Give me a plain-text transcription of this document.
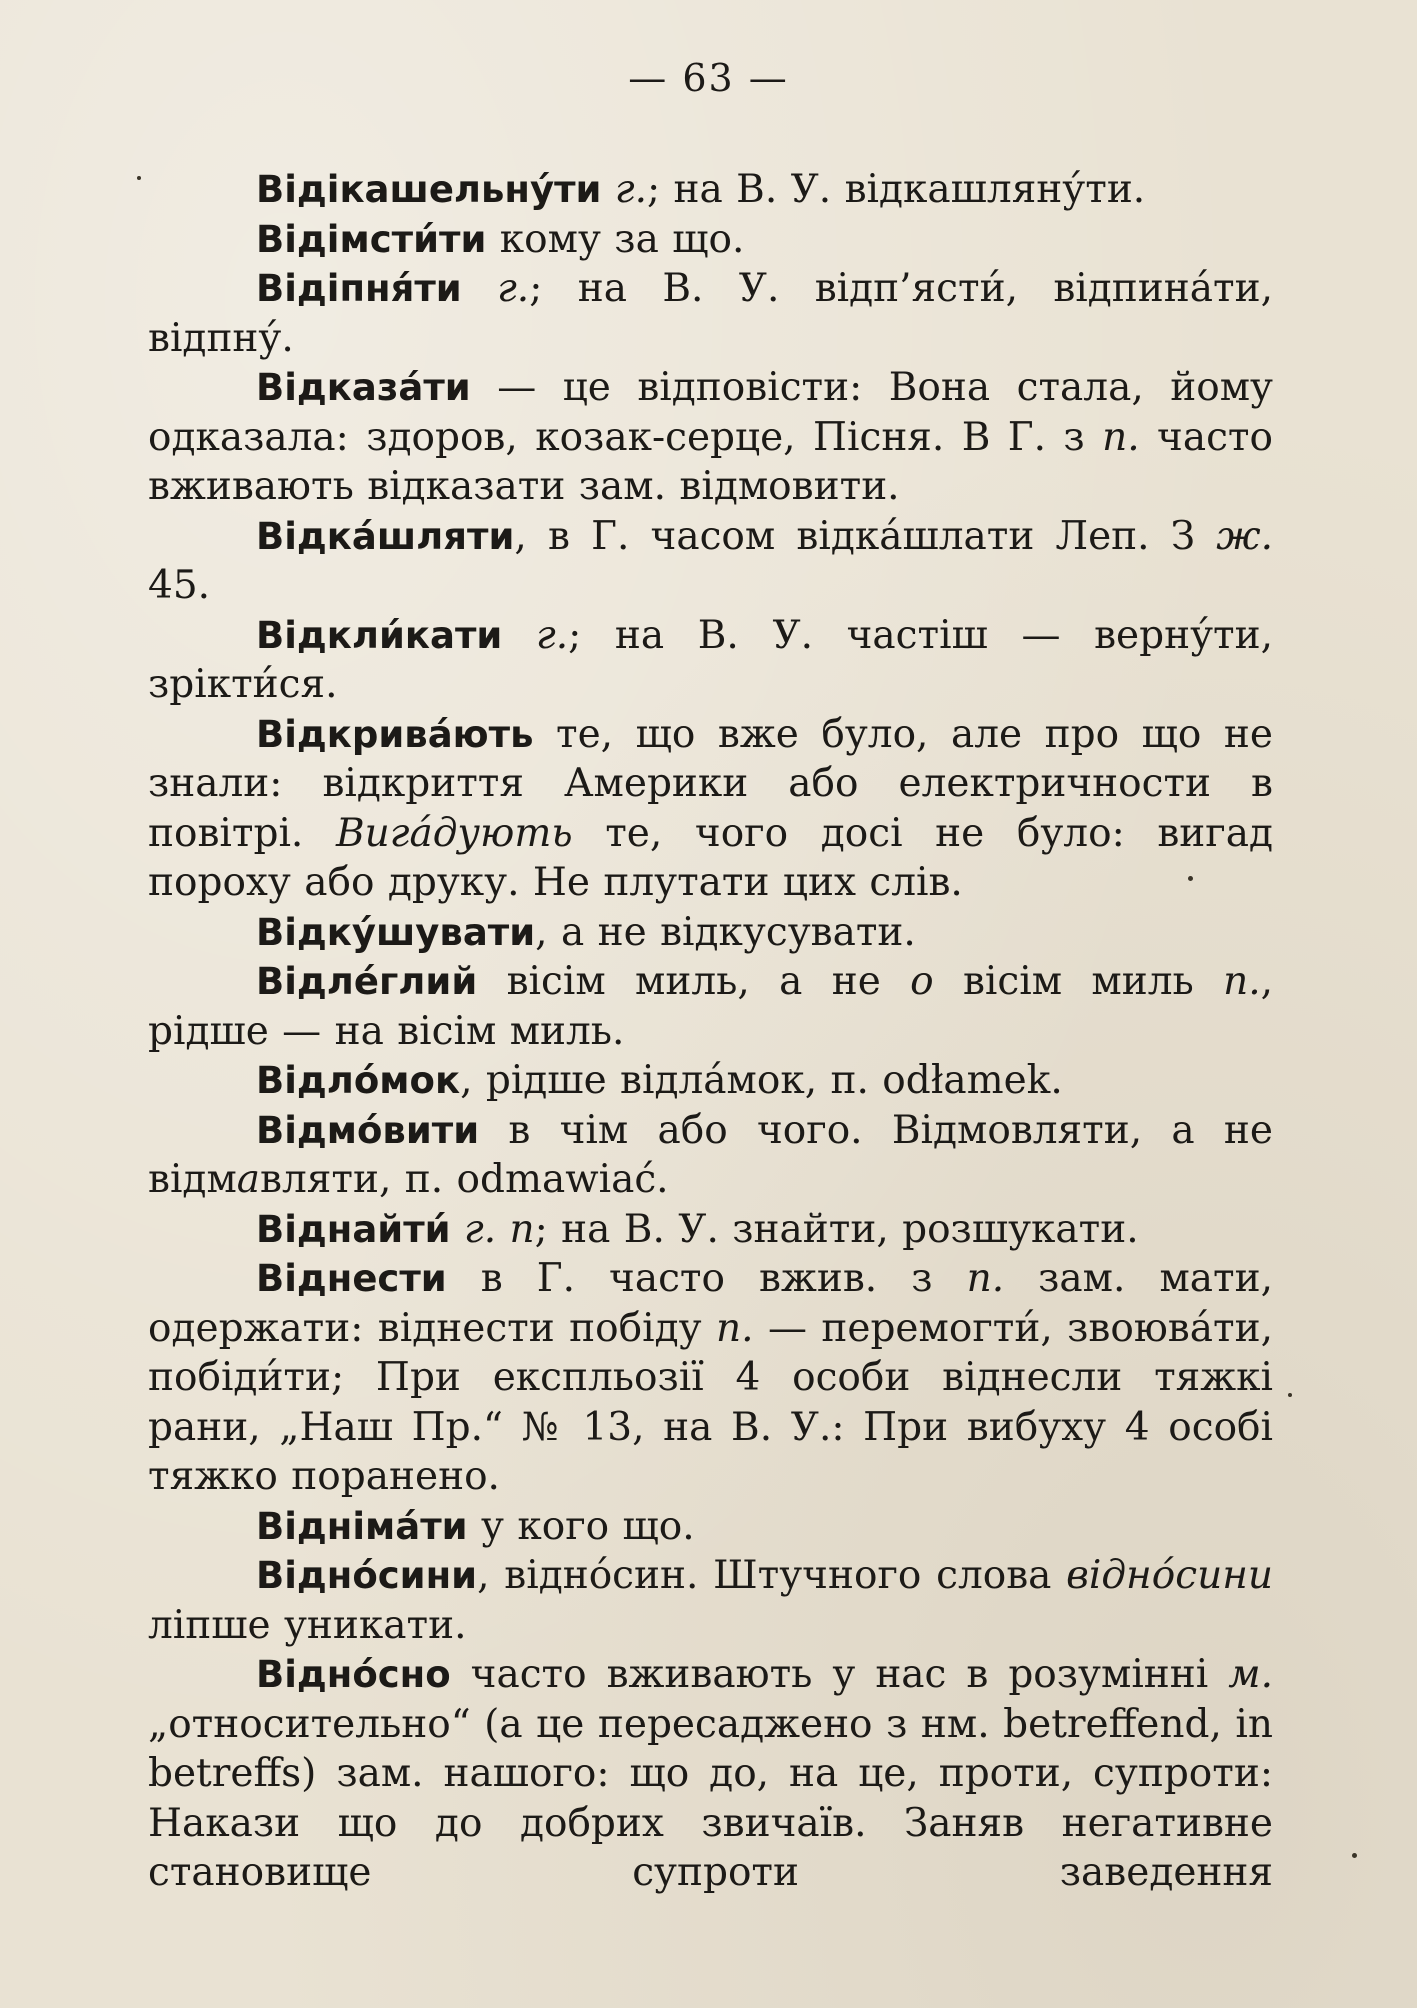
— 63 —

Відікашельну́ти г.; на В. У. відкашляну́ти.

Відімсти́ти кому за що.

Відіпня́ти г.; на В. У. відп’ясти́, відпина́ти, відпну́.

Відказа́ти — це відповісти: Вона стала, йому одказала: здоров, козак-серце, Пісня. В Г. з п. часто вживають відказати зам. відмовити.

Відка́шляти, в Г. часом відка́шлати Леп. З ж. 45.

Відкли́кати г.; на В. У. частіш — верну́ти, зрікти́ся.

Відкрива́ють те, що вже було, але про що не знали: відкриття Америки або електричности в повітрі. Вига́дують те, чого досі не було: вигад пороху або друку. Не плутати цих слів.

Відку́шувати, а не відкусувати.

Відле́глий вісім миль, а не о вісім миль п., рідше — на вісім миль.

Відло́мок, рідше відла́мок, п. odłamek.

Відмо́вити в чім або чого. Відмовляти, а не відмавляти, п. odmawiać.

Віднайти́ г. п; на В. У. знайти, розшукати.

Віднести в Г. часто вжив. з п. зам. мати, одержати: віднести побіду п. — перемогти́, звоюва́ти, побіди́ти; При експльозії 4 особи віднесли тяжкі рани, „Наш Пр.“ № 13, на В. У.: При вибуху 4 особі тяжко поранено.

Відніма́ти у кого що.

Відно́сини, відно́син. Штучного слова відно́сини ліпше уникати.

Відно́сно часто вживають у нас в розумінні м. „относительно“ (а це пересаджено з нм. betreffend, in betreffs) зам. нашого: що до, на це, проти, супроти: Накази що до добрих звичаїв. Заняв негативне становище супроти заведення
